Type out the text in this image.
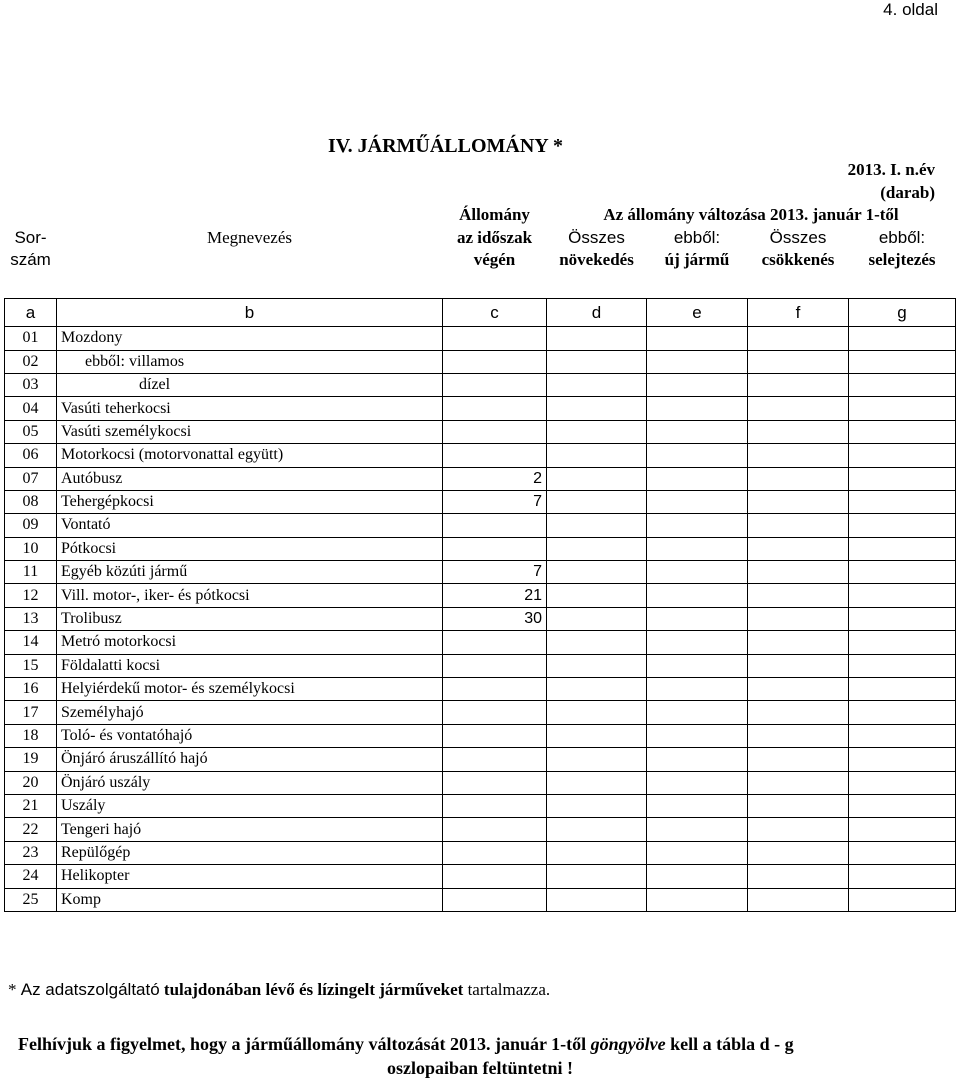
4. oldal
IV. JÁRMŰÁLLOMÁNY *
2013. I. n.év
(darab)
		Állomány	Az állomány változása 2013. január 1-től			
Sor-	Megnevezés	az időszak	Összes	ebből:	Összes	ebből:
szám		végén	növekedés	új jármű	csökkenés	selejtezés

a	b	c	d	e	f	g
01	Mozdony					
02	ebből: villamos					
03	dízel					
04	Vasúti teherkocsi					
05	Vasúti személykocsi					
06	Motorkocsi (motorvonattal együtt)					
07	Autóbusz	2				
08	Tehergépkocsi	7				
09	Vontató					
10	Pótkocsi					
11	Egyéb közúti jármű	7				
12	Vill. motor-, iker- és pótkocsi	21				
13	Trolibusz	30				
14	Metró motorkocsi					
15	Földalatti kocsi					
16	Helyiérdekű motor- és személykocsi					
17	Személyhajó					
18	Toló- és vontatóhajó					
19	Önjáró áruszállító hajó					
20	Önjáró uszály					
21	Uszály					
22	Tengeri hajó					
23	Repülőgép					
24	Helikopter					
25	Komp					
* Az adatszolgáltató tulajdonában lévő és lízingelt járműveket tartalmazza.
Felhívjuk a figyelmet, hogy a járműállomány változását 2013. január 1-től göngyölve kell a tábla d - g
oszlopaiban feltüntetni !
